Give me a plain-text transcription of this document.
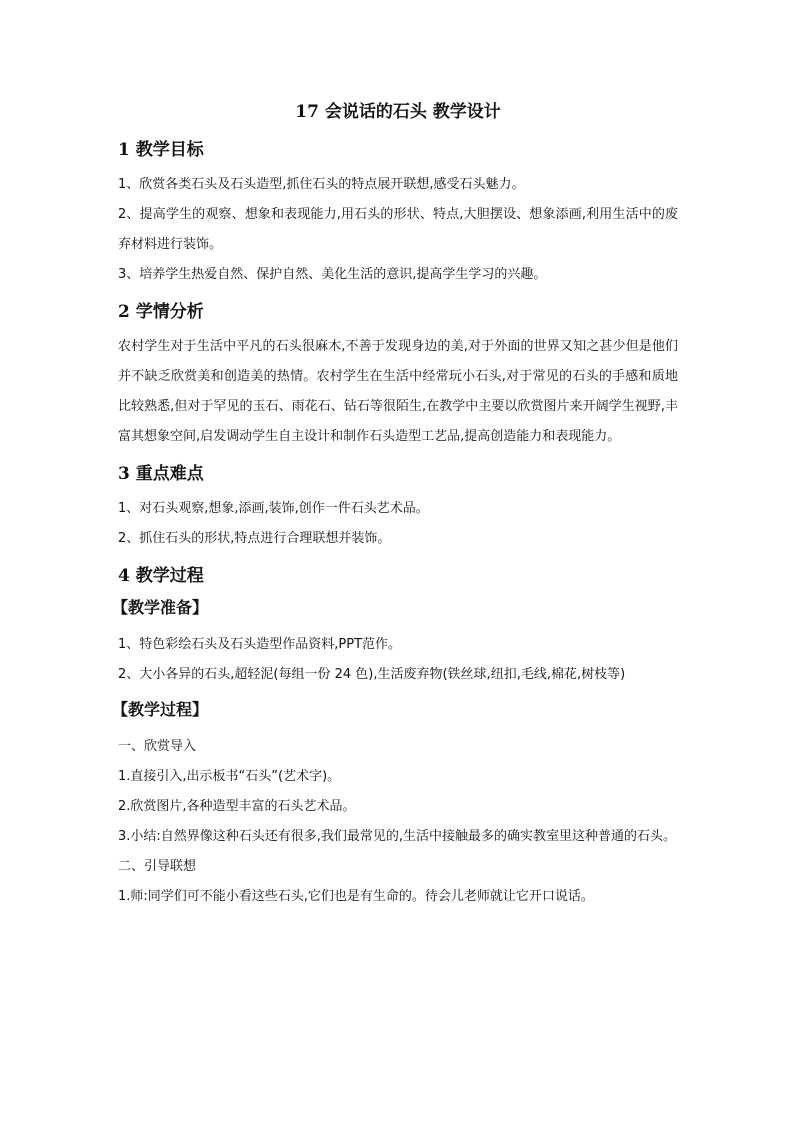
17 会说话的石头 教学设计
1 教学目标

1、欣赏各类石头及石头造型,抓住石头的特点展开联想,感受石头魅力。

2、提高学生的观察、想象和表现能力,用石头的形状、特点,大胆摆设、想象添画,利用生活中的废弃材料进行装饰。

3、培养学生热爱自然、保护自然、美化生活的意识,提高学生学习的兴趣。

2 学情分析

农村学生对于生活中平凡的石头很麻木,不善于发现身边的美,对于外面的世界又知之甚少但是他们并不缺乏欣赏美和创造美的热情。农村学生在生活中经常玩小石头,对于常见的石头的手感和质地比较熟悉,但对于罕见的玉石、雨花石、钻石等很陌生,在教学中主要以欣赏图片来开阔学生视野,丰富其想象空间,启发调动学生自主设计和制作石头造型工艺品,提高创造能力和表现能力。

3 重点难点

1、对石头观察,想象,添画,装饰,创作一件石头艺术品。

2、抓住石头的形状,特点进行合理联想并装饰。

4 教学过程
【教学准备】

1、特色彩绘石头及石头造型作品资料,PPT范作。

2、大小各异的石头,超轻泥(每组一份 24 色),生活废弃物(铁丝球,纽扣,毛线,棉花,树枝等)

【教学过程】

一、欣赏导入

1.直接引入,出示板书“石头”(艺术字)。

2.欣赏图片,各种造型丰富的石头艺术品。

3.小结:自然界像这种石头还有很多,我们最常见的,生活中接触最多的确实教室里这种普通的石头。

二、引导联想

1.师:同学们可不能小看这些石头,它们也是有生命的。待会儿老师就让它开口说话。
